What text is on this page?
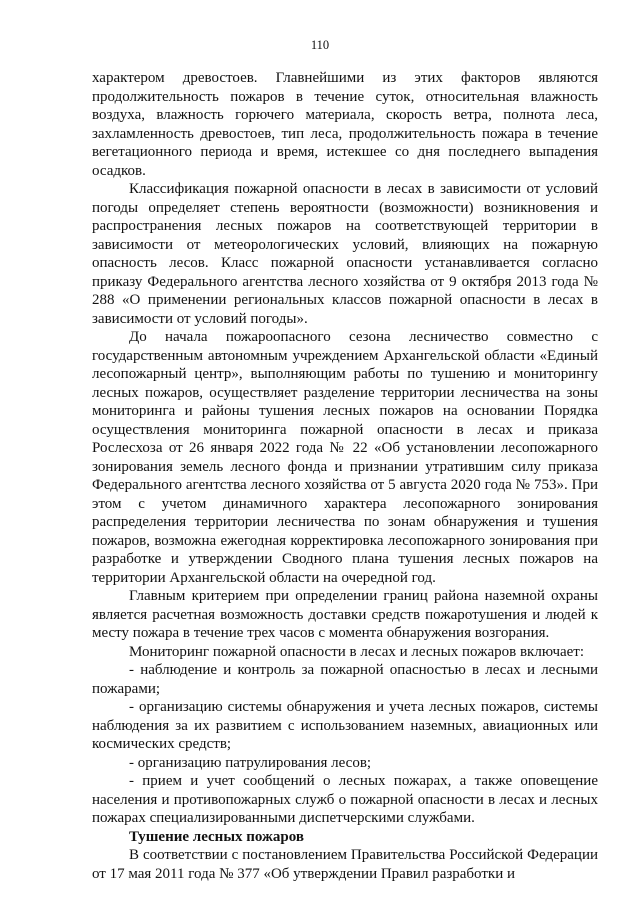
110

характером древостоев. Главнейшими из этих факторов являются продолжительность пожаров в течение суток, относительная влажность воздуха, влажность горючего материала, скорость ветра, полнота леса, захламленность древостоев, тип леса, продолжительность пожара в течение вегетационного периода и время, истекшее со дня последнего выпадения осадков.

Классификация пожарной опасности в лесах в зависимости от условий погоды определяет степень вероятности (возможности) возникновения и распространения лесных пожаров на соответствующей территории в зависимости от метеорологических условий, влияющих на пожарную опасность лесов. Класс пожарной опасности устанавливается согласно приказу Федерального агентства лесного хозяйства от 9 октября 2013 года № 288 «О применении региональных классов пожарной опасности в лесах в зависимости от условий погоды».

До начала пожароопасного сезона лесничество совместно с государственным автономным учреждением Архангельской области «Единый лесопожарный центр», выполняющим работы по тушению и мониторингу лесных пожаров, осуществляет разделение территории лесничества на зоны мониторинга и районы тушения лесных пожаров на основании Порядка осуществления мониторинга пожарной опасности в лесах и приказа Рослесхоза от 26 января 2022 года № 22 «Об установлении лесопожарного зонирования земель лесного фонда и признании утратившим силу приказа Федерального агентства лесного хозяйства от 5 августа 2020 года № 753». При этом с учетом динамичного характера лесопожарного зонирования распределения территории лесничества по зонам обнаружения и тушения пожаров, возможна ежегодная корректировка лесопожарного зонирования при разработке и утверждении Сводного плана тушения лесных пожаров на территории Архангельской области на очередной год.

Главным критерием при определении границ района наземной охраны является расчетная возможность доставки средств пожаротушения и людей к месту пожара в течение трех часов с момента обнаружения возгорания.

Мониторинг пожарной опасности в лесах и лесных пожаров включает:

- наблюдение и контроль за пожарной опасностью в лесах и лесными пожарами;

- организацию системы обнаружения и учета лесных пожаров, системы наблюдения за их развитием с использованием наземных, авиационных или космических средств;

- организацию патрулирования лесов;

- прием и учет сообщений о лесных пожарах, а также оповещение населения и противопожарных служб о пожарной опасности в лесах и лесных пожарах специализированными диспетчерскими службами.

Тушение лесных пожаров

В соответствии с постановлением Правительства Российской Федерации от 17 мая 2011 года № 377 «Об утверждении Правил разработки и
